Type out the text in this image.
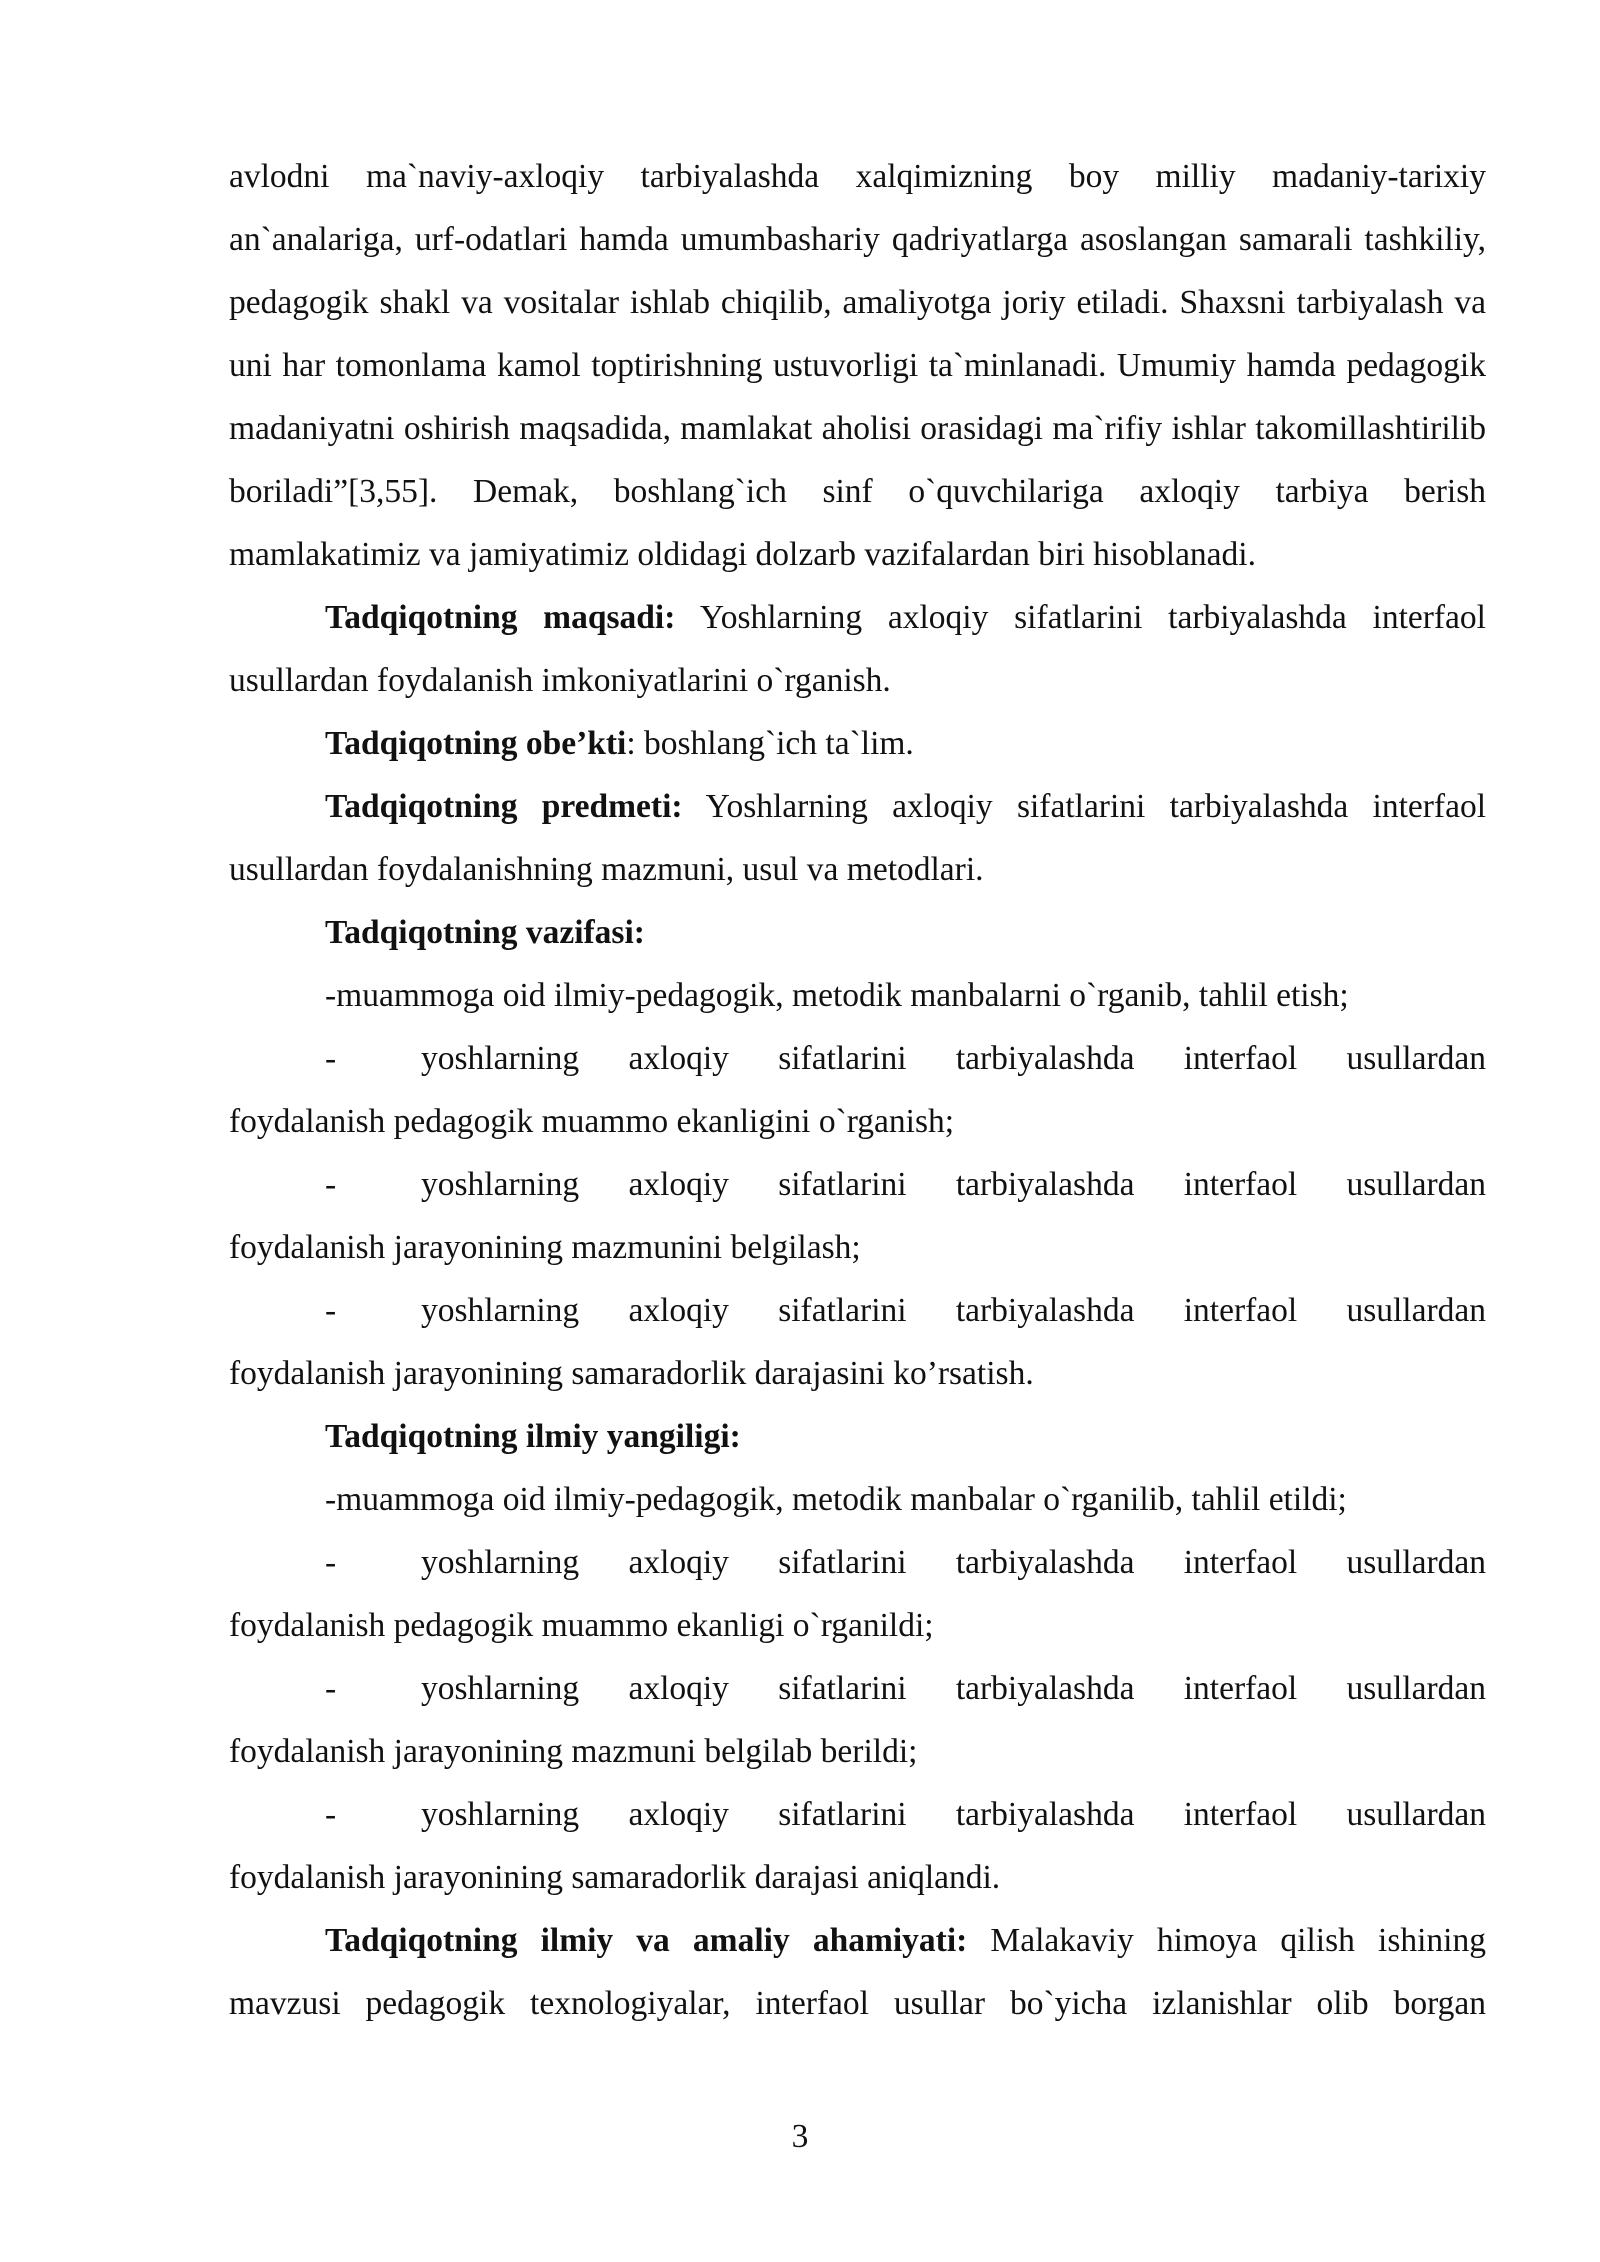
avlodni ma`naviy-axloqiy tarbiyalashda xalqimizning boy milliy madaniy-tarixiy an`analariga, urf-odatlari hamda umumbashariy qadriyatlarga asoslangan samarali tashkiliy, pedagogik shakl va vositalar ishlab chiqilib, amaliyotga joriy etiladi. Shaxsni tarbiyalash va uni har tomonlama kamol toptirishning ustuvorligi ta`minlanadi. Umumiy hamda pedagogik madaniyatni oshirish maqsadida, mamlakat aholisi orasidagi ma`rifiy ishlar takomillashtirilib boriladi”[3,55]. Demak, boshlang`ich sinf o`quvchilariga axloqiy tarbiya berish mamlakatimiz va jamiyatimiz oldidagi dolzarb vazifalardan biri hisoblanadi.

Tadqiqotning maqsadi: Yoshlarning axloqiy sifatlarini tarbiyalashda interfaol usullardan foydalanish imkoniyatlarini o`rganish.

Tadqiqotning obe’kti: boshlang`ich ta`lim.

Tadqiqotning predmeti: Yoshlarning axloqiy sifatlarini tarbiyalashda interfaol usullardan foydalanishning mazmuni, usul va metodlari.

Tadqiqotning vazifasi:

-muammoga oid ilmiy-pedagogik, metodik manbalarni o`rganib, tahlil etish;

-	yoshlarning axloqiy sifatlarini tarbiyalashda interfaol usullardan

foydalanish pedagogik muammo ekanligini o`rganish;

-	yoshlarning axloqiy sifatlarini tarbiyalashda interfaol usullardan

foydalanish jarayonining mazmunini belgilash;

-	yoshlarning axloqiy sifatlarini tarbiyalashda interfaol usullardan

foydalanish jarayonining samaradorlik darajasini ko’rsatish.

Tadqiqotning ilmiy yangiligi:

-muammoga oid ilmiy-pedagogik, metodik manbalar o`rganilib, tahlil etildi;

-	yoshlarning axloqiy sifatlarini tarbiyalashda interfaol usullardan

foydalanish pedagogik muammo ekanligi o`rganildi;

-	yoshlarning axloqiy sifatlarini tarbiyalashda interfaol usullardan

foydalanish jarayonining mazmuni belgilab berildi;

-	yoshlarning axloqiy sifatlarini tarbiyalashda interfaol usullardan

foydalanish jarayonining samaradorlik darajasi aniqlandi.

Tadqiqotning ilmiy va amaliy ahamiyati: Malakaviy himoya qilish ishining mavzusi pedagogik texnologiyalar, interfaol usullar bo`yicha izlanishlar olib borgan

3
